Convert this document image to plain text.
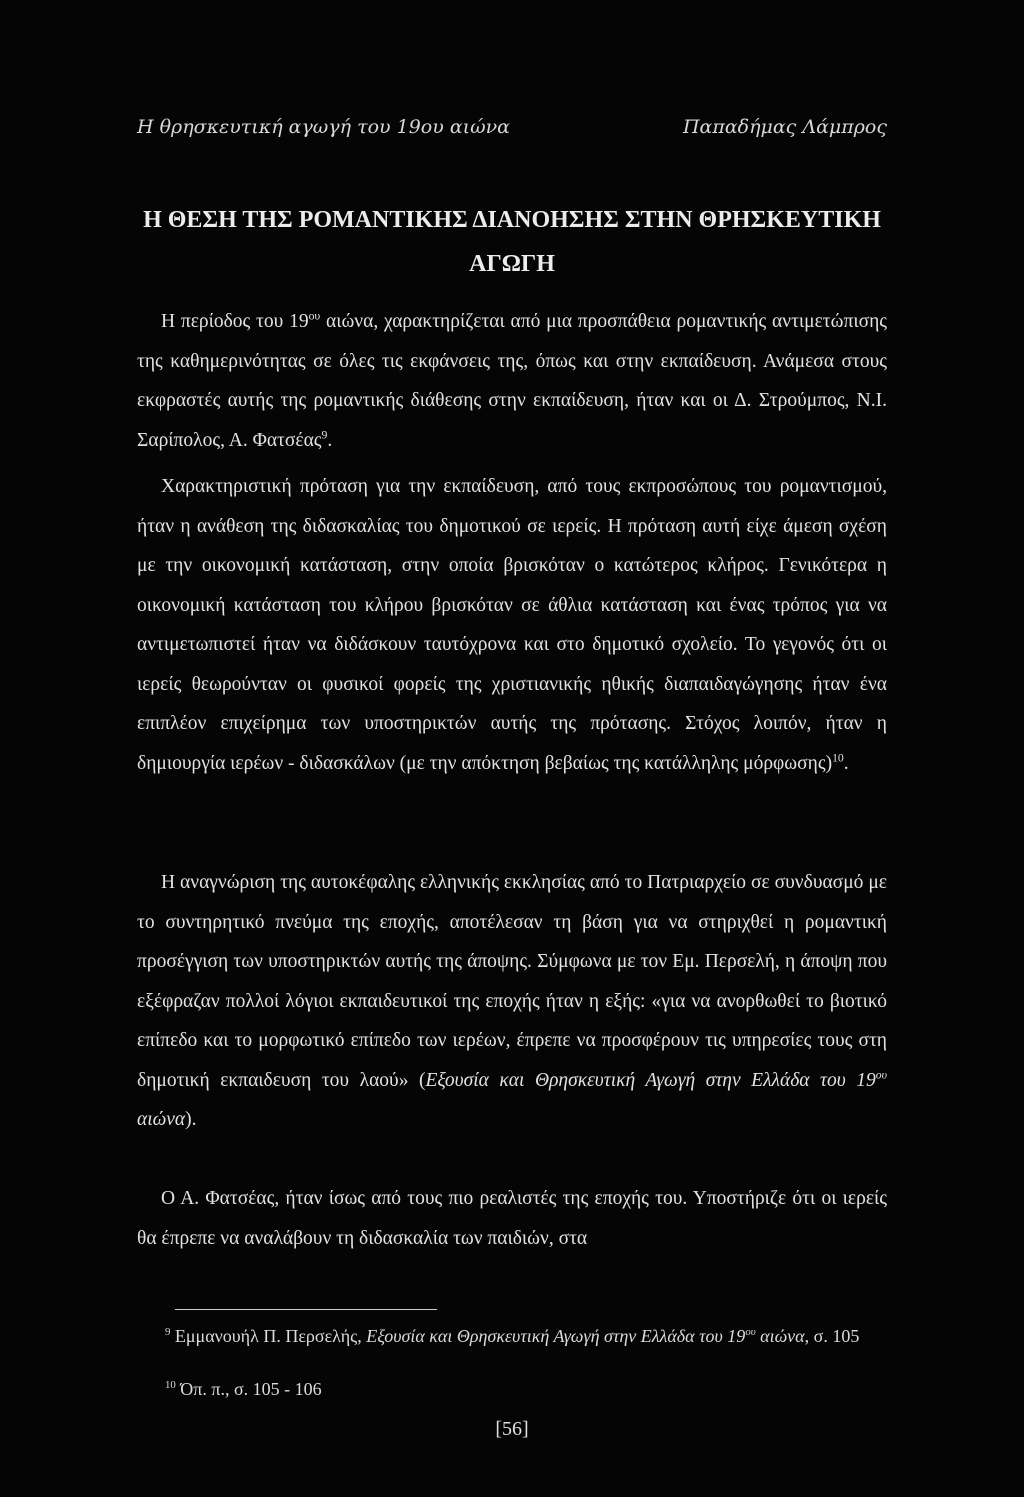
Η θρησκευτική αγωγή του 19ου αιώνα	Παπαδήμας Λάμπρος
Η ΘΕΣΗ ΤΗΣ ΡΟΜΑΝΤΙΚΗΣ ΔΙΑΝΟΗΣΗΣ ΣΤΗΝ ΘΡΗΣΚΕΥΤΙΚΗ
ΑΓΩΓΗ

Η περίοδος του $19^{o\upsilon}$ αιώνα, χαρακτηρίζεται από μια προσπάθεια ρομαντικής αντιμετώπισης της καθημερινότητας σε όλες τις εκφάνσεις της, όπως και στην εκπαίδευση. Ανάμεσα στους εκφραστές αυτής της ρομαντικής διάθεσης στην εκπαίδευση, ήταν και οι Δ. Στρούμπος, Ν.Ι. Σαρίπολος, Α. Φατσέας$^9$.

Χαρακτηριστική πρόταση για την εκπαίδευση, από τους εκπροσώπους του ρομαντισμού, ήταν η ανάθεση της διδασκαλίας του δημοτικού σε ιερείς. Η πρόταση αυτή είχε άμεση σχέση με την οικονομική κατάσταση, στην οποία βρισκόταν ο κατώτερος κλήρος. Γενικότερα η οικονομική κατάσταση του κλήρου βρισκόταν σε άθλια κατάσταση και ένας τρόπος για να αντιμετωπιστεί ήταν να διδάσκουν ταυτόχρονα και στο δημοτικό σχολείο. Το γεγονός ότι οι ιερείς θεωρούνταν οι φυσικοί φορείς της χριστιανικής ηθικής διαπαιδαγώγησης ήταν ένα επιπλέον επιχείρημα των υποστηρικτών αυτής της πρότασης. Στόχος λοιπόν, ήταν η δημιουργία ιερέων - διδασκάλων (με την απόκτηση βεβαίως της κατάλληλης μόρφωσης)$^{10}$.

Η αναγνώριση της αυτοκέφαλης ελληνικής εκκλησίας από το Πατριαρχείο σε συνδυασμό με το συντηρητικό πνεύμα της εποχής, αποτέλεσαν τη βάση για να στηριχθεί η ρομαντική προσέγγιση των υποστηρικτών αυτής της άποψης. Σύμφωνα με τον Εμ. Περσελή, η άποψη που εξέφραζαν πολλοί λόγιοι εκπαιδευτικοί της εποχής ήταν η εξής: «για να ανορθωθεί το βιοτικό επίπεδο και το μορφωτικό επίπεδο των ιερέων, έπρεπε να προσφέρουν τις υπηρεσίες τους στη δημοτική εκπαιδευση του λαού» (Εξουσία και Θρησκευτική Αγωγή στην Ελλάδα του $19^{o\upsilon}$ αιώνα).

Ο Α. Φατσέας, ήταν ίσως από τους πιο ρεαλιστές της εποχής του. Υποστήριζε ότι οι ιερείς θα έπρεπε να αναλάβουν τη διδασκαλία των παιδιών, στα

$^9$ Εμμανουήλ Π. Περσελής, Εξουσία και Θρησκευτική Αγωγή στην Ελλάδα του $19^{o\upsilon}$ αιώνα, σ. 105
$^{10}$ Όπ. π., σ. 105 - 106
[56]
